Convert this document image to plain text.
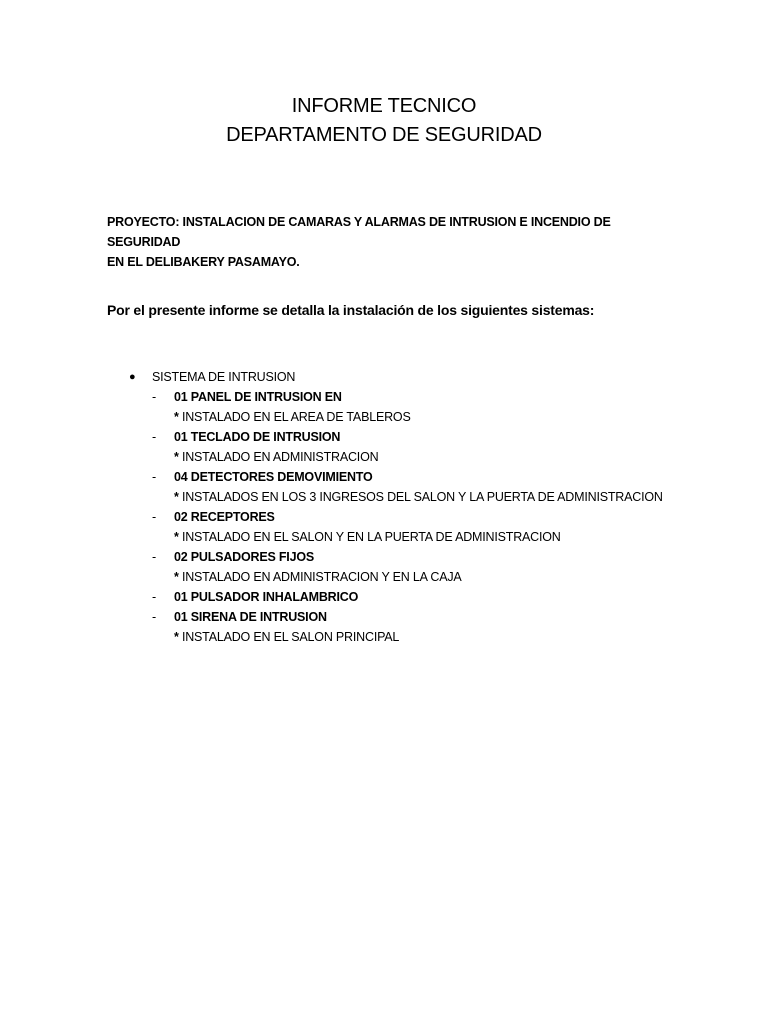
INFORME TECNICO
DEPARTAMENTO DE SEGURIDAD
PROYECTO: INSTALACION DE CAMARAS Y ALARMAS DE INTRUSION E INCENDIO DE SEGURIDAD
EN EL DELIBAKERY PASAMAYO.
Por el presente informe se detalla la instalación de los siguientes sistemas:
● SISTEMA DE INTRUSION
- 01 PANEL DE INTRUSION EN
* INSTALADO EN EL AREA DE TABLEROS
- 01 TECLADO DE INTRUSION
* INSTALADO EN ADMINISTRACION
- 04 DETECTORES DEMOVIMIENTO
* INSTALADOS EN LOS 3 INGRESOS DEL SALON Y LA PUERTA DE ADMINISTRACION
- 02 RECEPTORES
* INSTALADO EN EL SALON Y EN LA PUERTA DE ADMINISTRACION
- 02 PULSADORES FIJOS
* INSTALADO EN ADMINISTRACION Y EN LA CAJA
- 01 PULSADOR INHALAMBRICO
- 01 SIRENA DE INTRUSION
* INSTALADO EN EL SALON PRINCIPAL
